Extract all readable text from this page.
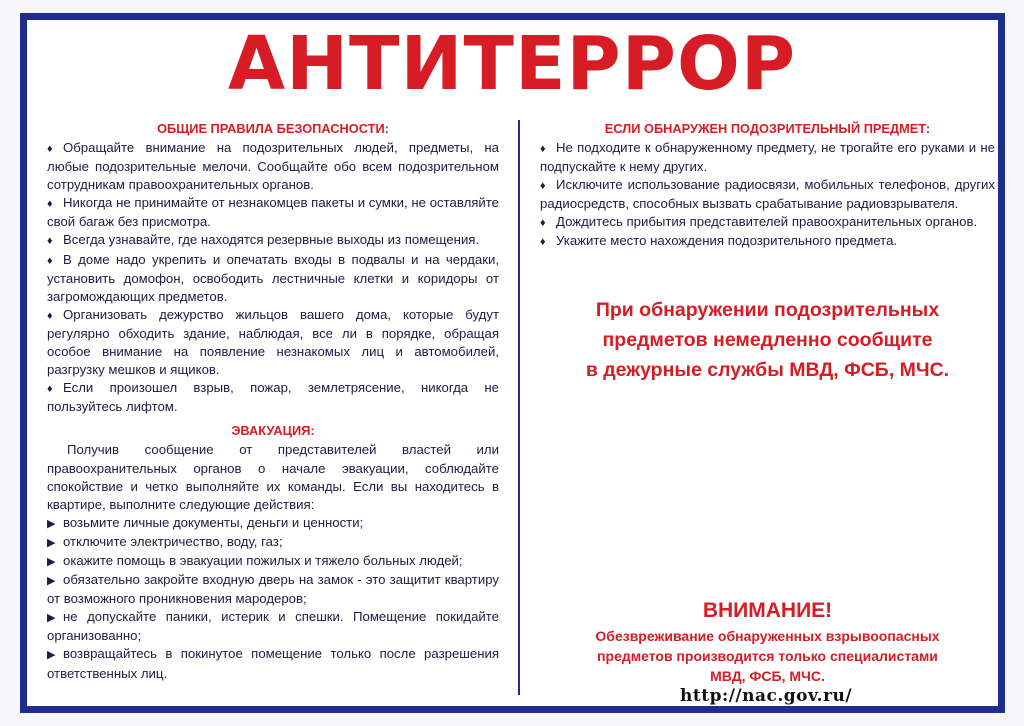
АНТИТЕРРОР
ОБЩИЕ ПРАВИЛА БЕЗОПАСНОСТИ:
♦ Обращайте внимание на подозрительных людей, предметы, на любые подозрительные мелочи. Сообщайте обо всем подозрительном сотрудникам правоохранительных органов.
♦ Никогда не принимайте от незнакомцев пакеты и сумки, не оставляйте свой багаж без присмотра.
♦ Всегда узнавайте, где находятся резервные выходы из помещения.
♦ В доме надо укрепить и опечатать входы в подвалы и на чердаки, установить домофон, освободить лестничные клетки и коридоры от загромождающих предметов.
♦ Организовать дежурство жильцов вашего дома, которые будут регулярно обходить здание, наблюдая, все ли в порядке, обращая особое внимание на появление незнакомых лиц и автомобилей, разгрузку мешков и ящиков.
♦ Если произошел взрыв, пожар, землетрясение, никогда не пользуйтесь лифтом.
ЭВАКУАЦИЯ:
Получив сообщение от представителей властей или правоохранительных органов о начале эвакуации, соблюдайте спокойствие и четко выполняйте их команды. Если вы находитесь в квартире, выполните следующие действия:
▶ возьмите личные документы, деньги и ценности;
▶ отключите электричество, воду, газ;
▶ окажите помощь в эвакуации пожилых и тяжело больных людей;
▶ обязательно закройте входную дверь на замок - это защитит квартиру от возможного проникновения мародеров;
▶ не допускайте паники, истерик и спешки. Помещение покидайте организованно;
▶ возвращайтесь в покинутое помещение только после разрешения ответственных лиц.
ЕСЛИ ОБНАРУЖЕН ПОДОЗРИТЕЛЬНЫЙ ПРЕДМЕТ:
♦ Не подходите к обнаруженному предмету, не трогайте его руками и не подпускайте к нему других.
♦ Исключите использование радиосвязи, мобильных телефонов, других радиосредств, способных вызвать срабатывание радиовзрывателя.
♦ Дождитесь прибытия представителей правоохранительных органов.
♦ Укажите место нахождения подозрительного предмета.
При обнаружении подозрительных
предметов немедленно сообщите
в дежурные службы МВД, ФСБ, МЧС.
ВНИМАНИЕ!
Обезвреживание обнаруженных взрывоопасных
предметов производится только специалистами
МВД, ФСБ, МЧС.
http://nac.gov.ru/
